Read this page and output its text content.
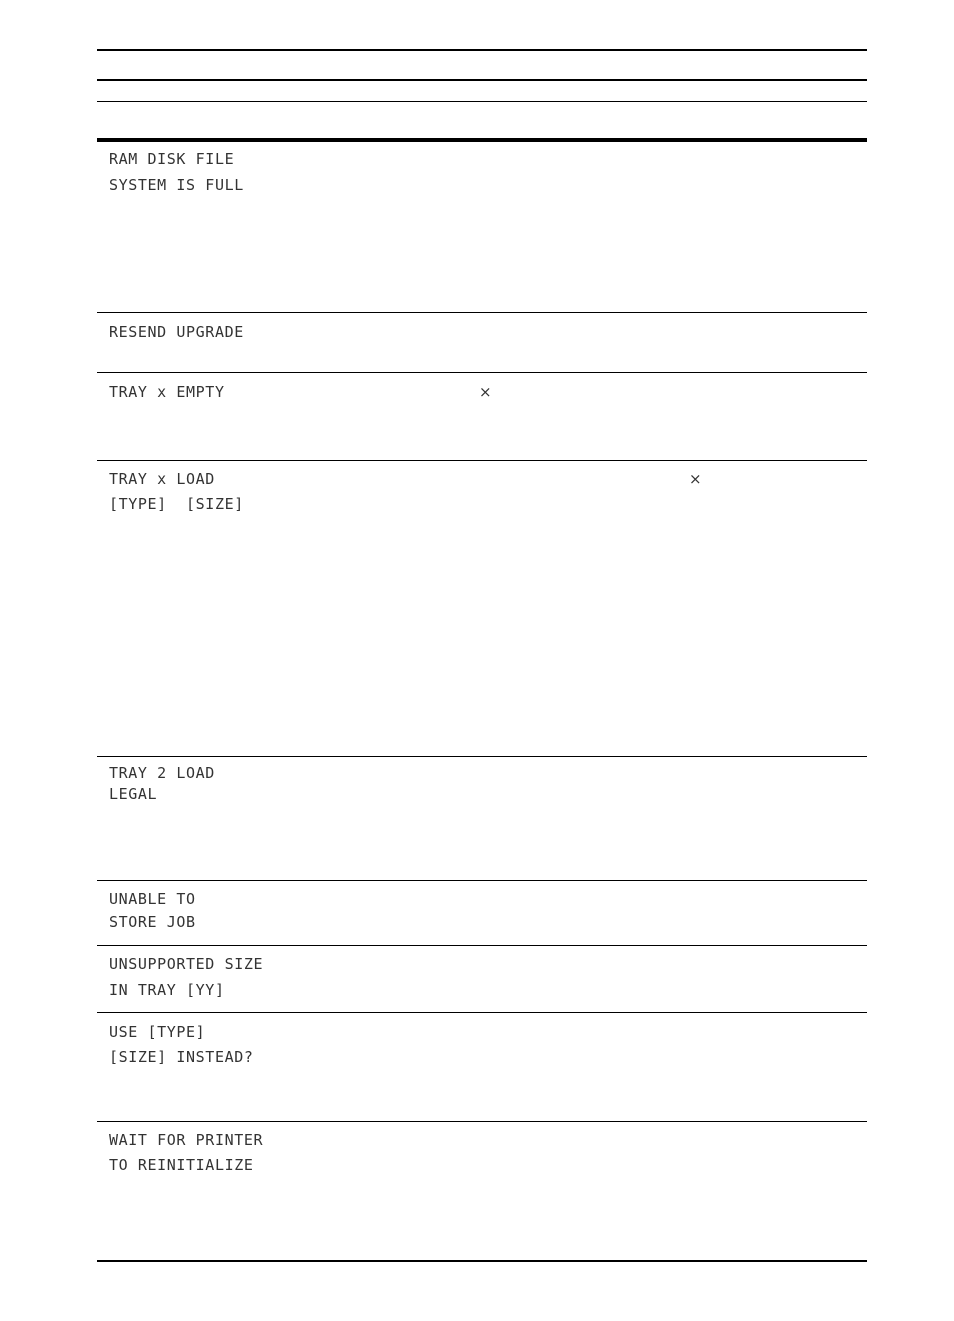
RAM DISK FILE
SYSTEM IS FULL
RESEND UPGRADE
TRAY x EMPTY	×
TRAY x LOAD
[TYPE]  [SIZE]
×
TRAY 2 LOAD
LEGAL
UNABLE TO
STORE JOB
UNSUPPORTED SIZE
IN TRAY [YY]
USE [TYPE]
[SIZE] INSTEAD?
WAIT FOR PRINTER
TO REINITIALIZE
